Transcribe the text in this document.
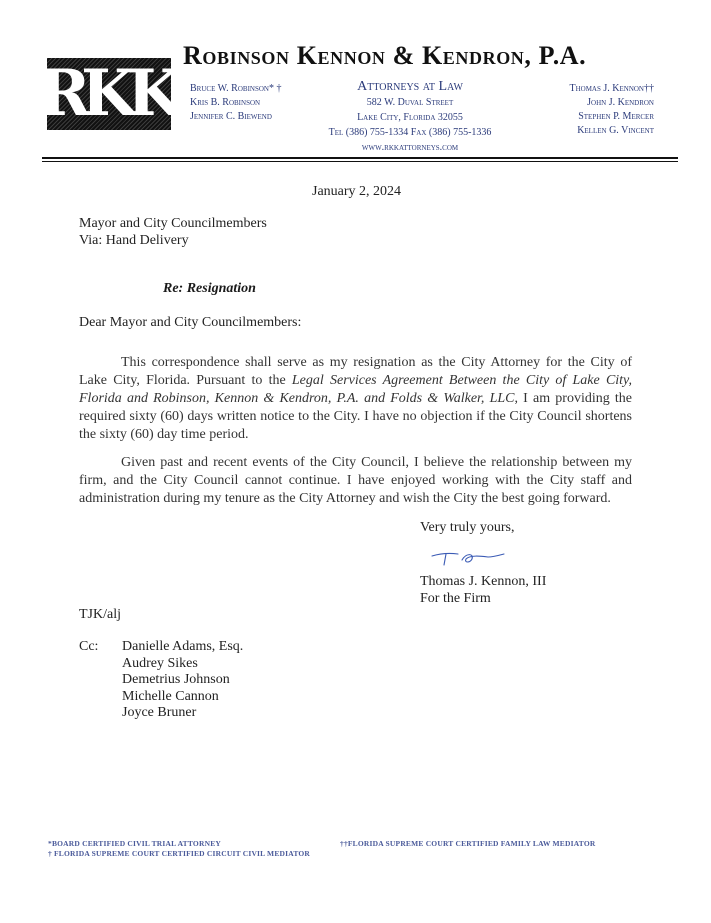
RKK
Robinson Kennon & Kendron, P.A.
Bruce W. Robinson* †
Kris B. Robinson
Jennifer C. Biewend
Attorneys at Law
582 W. Duval Street
Lake City, Florida 32055
Tel (386) 755-1334 Fax (386) 755-1336
www.rkkattorneys.com
Thomas J. Kennon††
John J. Kendron
Stephen P. Mercer
Kellen G. Vincent
January 2, 2024
Mayor and City Councilmembers
Via: Hand Delivery
Re: Resignation
Dear Mayor and City Councilmembers:
This correspondence shall serve as my resignation as the City Attorney for the City of Lake City, Florida. Pursuant to the Legal Services Agreement Between the City of Lake City, Florida and Robinson, Kennon & Kendron, P.A. and Folds & Walker, LLC, I am providing the required sixty (60) days written notice to the City. I have no objection if the City Council shortens the sixty (60) day time period.
Given past and recent events of the City Council, I believe the relationship between my firm, and the City Council cannot continue. I have enjoyed working with the City staff and administration during my tenure as the City Attorney and wish the City the best going forward.
Very truly yours,
Thomas J. Kennon, III
For the Firm
TJK/alj
Cc: Danielle Adams, Esq.
Audrey Sikes
Demetrius Johnson
Michelle Cannon
Joyce Bruner
*BOARD CERTIFIED CIVIL TRIAL ATTORNEY
† FLORIDA SUPREME COURT CERTIFIED CIRCUIT CIVIL MEDIATOR
††FLORIDA SUPREME COURT CERTIFIED FAMILY LAW MEDIATOR
